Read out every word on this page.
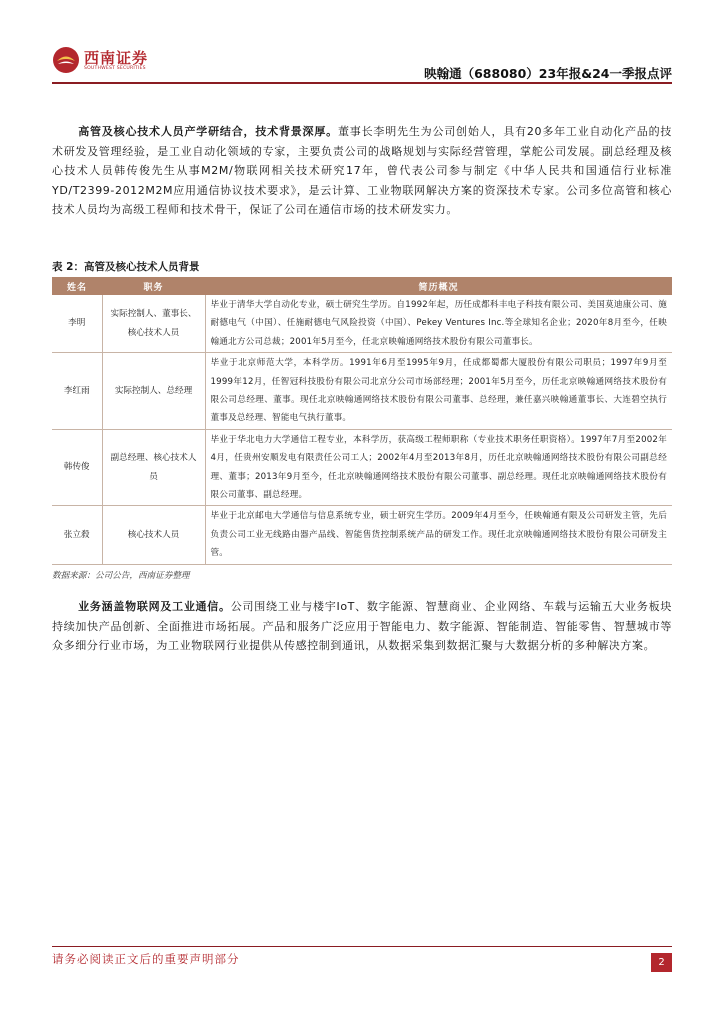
西南证券
SOUTHWEST SECURITIES	映翰通（688080）23年报&24一季报点评
高管及核心技术人员产学研结合，技术背景深厚。董事长李明先生为公司创始人，具有20多年工业自动化产品的技术研发及管理经验，是工业自动化领域的专家，主要负责公司的战略规划与实际经营管理，掌舵公司发展。副总经理及核心技术人员韩传俊先生从事M2M/物联网相关技术研究17年，曾代表公司参与制定《中华人民共和国通信行业标准YD/T2399-2012M2M应用通信协议技术要求》，是云计算、工业物联网解决方案的资深技术专家。公司多位高管和核心技术人员均为高级工程师和技术骨干，保证了公司在通信市场的技术研发实力。
表 2：高管及核心技术人员背景
姓名	职务	简历概况
李明	实际控制人、董事长、核心技术人员	毕业于清华大学自动化专业，硕士研究生学历。自1992年起，历任成都科丰电子科技有限公司、美国莫迪康公司、施耐德电气（中国）、任施耐德电气风险投资（中国）、Pekey Ventures Inc.等全球知名企业；2020年8月至今，任映翰通北方公司总裁；2001年5月至今，任北京映翰通网络技术股份有限公司董事长。
李红雨	实际控制人、总经理	毕业于北京师范大学，本科学历。1991年6月至1995年9月，任成都蜀都大厦股份有限公司职员；1997年9月至1999年12月，任智冠科技股份有限公司北京分公司市场部经理；2001年5月至今，历任北京映翰通网络技术股份有限公司总经理、董事。现任北京映翰通网络技术股份有限公司董事、总经理，兼任嘉兴映翰通董事长、大连碧空执行董事及总经理、智能电气执行董事。
韩传俊	副总经理、核心技术人员	毕业于华北电力大学通信工程专业，本科学历，获高级工程师职称（专业技术职务任职资格）。1997年7月至2002年4月，任贵州安顺发电有限责任公司工人；2002年4月至2013年8月，历任北京映翰通网络技术股份有限公司副总经理、董事；2013年9月至今，任北京映翰通网络技术股份有限公司董事、副总经理。现任北京映翰通网络技术股份有限公司董事、副总经理。
张立殺	核心技术人员	毕业于北京邮电大学通信与信息系统专业，硕士研究生学历。2009年4月至今，任映翰通有限及公司研发主管，先后负责公司工业无线路由器产品线、智能售货控制系统产品的研发工作。现任北京映翰通网络技术股份有限公司研发主管。
数据来源：公司公告，西南证券整理
业务涵盖物联网及工业通信。公司围绕工业与楼宇IoT、数字能源、智慧商业、企业网络、车载与运输五大业务板块持续加快产品创新、全面推进市场拓展。产品和服务广泛应用于智能电力、数字能源、智能制造、智能零售、智慧城市等众多细分行业市场，为工业物联网行业提供从传感控制到通讯，从数据采集到数据汇聚与大数据分析的多种解决方案。
请务必阅读正文后的重要声明部分	2
